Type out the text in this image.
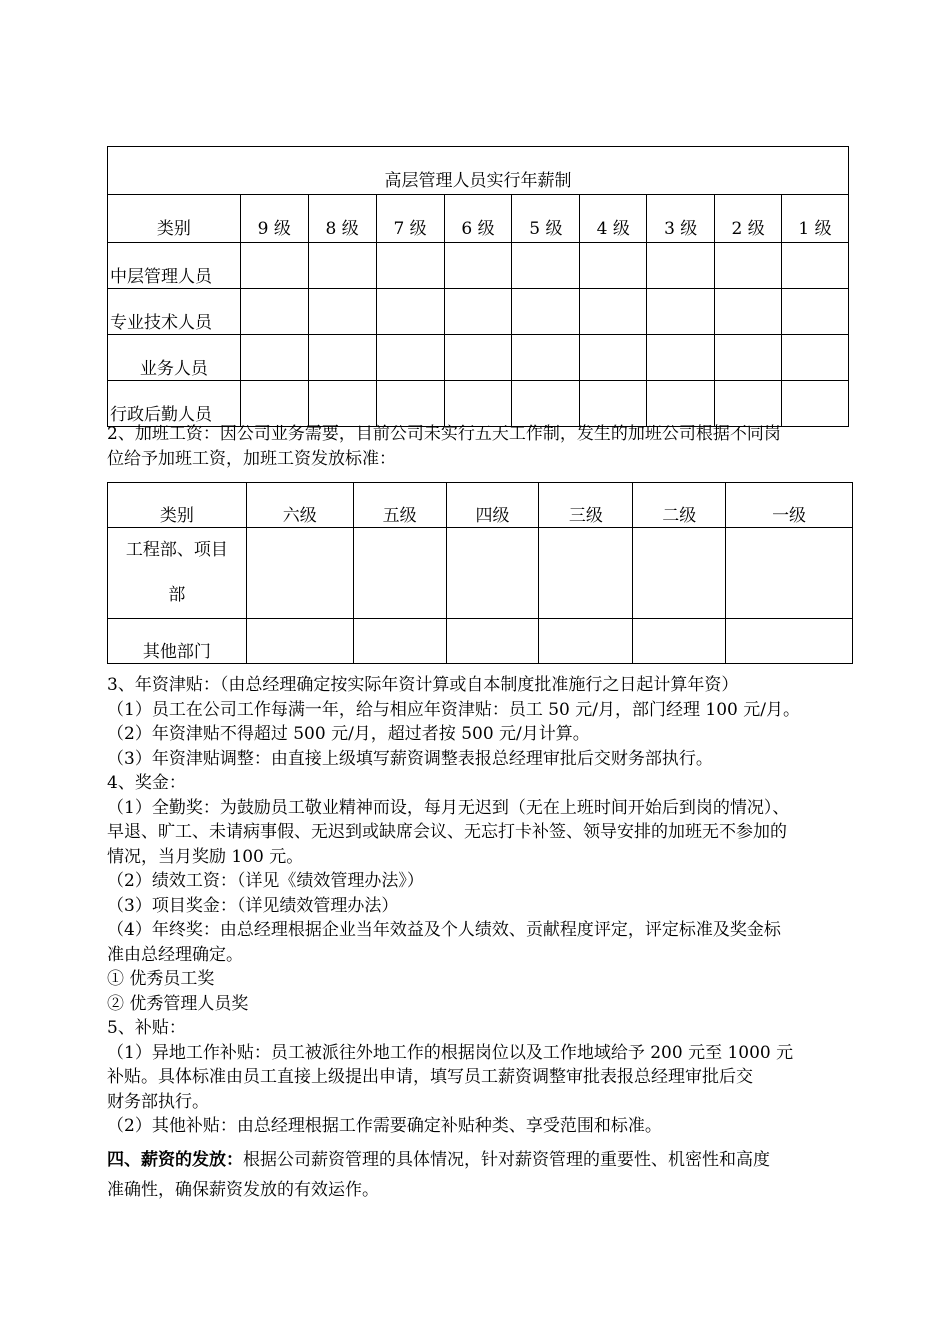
高层管理人员实行年薪制									
类别	9 级	8 级	7 级	6 级	5 级	4 级	3 级	2 级	1 级
中层管理人员									
专业技术人员									
业务人员									
行政后勤人员									
2、加班工资：因公司业务需要，目前公司未实行五天工作制，发生的加班公司根据不同岗
位给予加班工资，加班工资发放标准：
类别	六级	五级	四级	三级	二级	一级

工程部、项目
部						

其他部门						
3、年资津贴：（由总经理确定按实际年资计算或自本制度批准施行之日起计算年资）
（1）员工在公司工作每满一年，给与相应年资津贴：员工 50 元/月，部门经理 100 元/月。
（2）年资津贴不得超过 500 元/月，超过者按 500 元/月计算。
（3）年资津贴调整：由直接上级填写薪资调整表报总经理审批后交财务部执行。
4、奖金：
（1）全勤奖：为鼓励员工敬业精神而设，每月无迟到（无在上班时间开始后到岗的情况）、
早退、旷工、未请病事假、无迟到或缺席会议、无忘打卡补签、领导安排的加班无不参加的
情况，当月奖励 100 元。
（2）绩效工资：（详见《绩效管理办法》）
（3）项目奖金：（详见绩效管理办法）
（4）年终奖：由总经理根据企业当年效益及个人绩效、贡献程度评定，评定标准及奖金标
准由总经理确定。
① 优秀员工奖
② 优秀管理人员奖
5、补贴：
（1）异地工作补贴：员工被派往外地工作的根据岗位以及工作地域给予 200 元至 1000 元
补贴。具体标准由员工直接上级提出申请，填写员工薪资调整审批表报总经理审批后交
财务部执行。
（2）其他补贴：由总经理根据工作需要确定补贴种类、享受范围和标准。
四、薪资的发放：根据公司薪资管理的具体情况，针对薪资管理的重要性、机密性和高度
准确性，确保薪资发放的有效运作。
